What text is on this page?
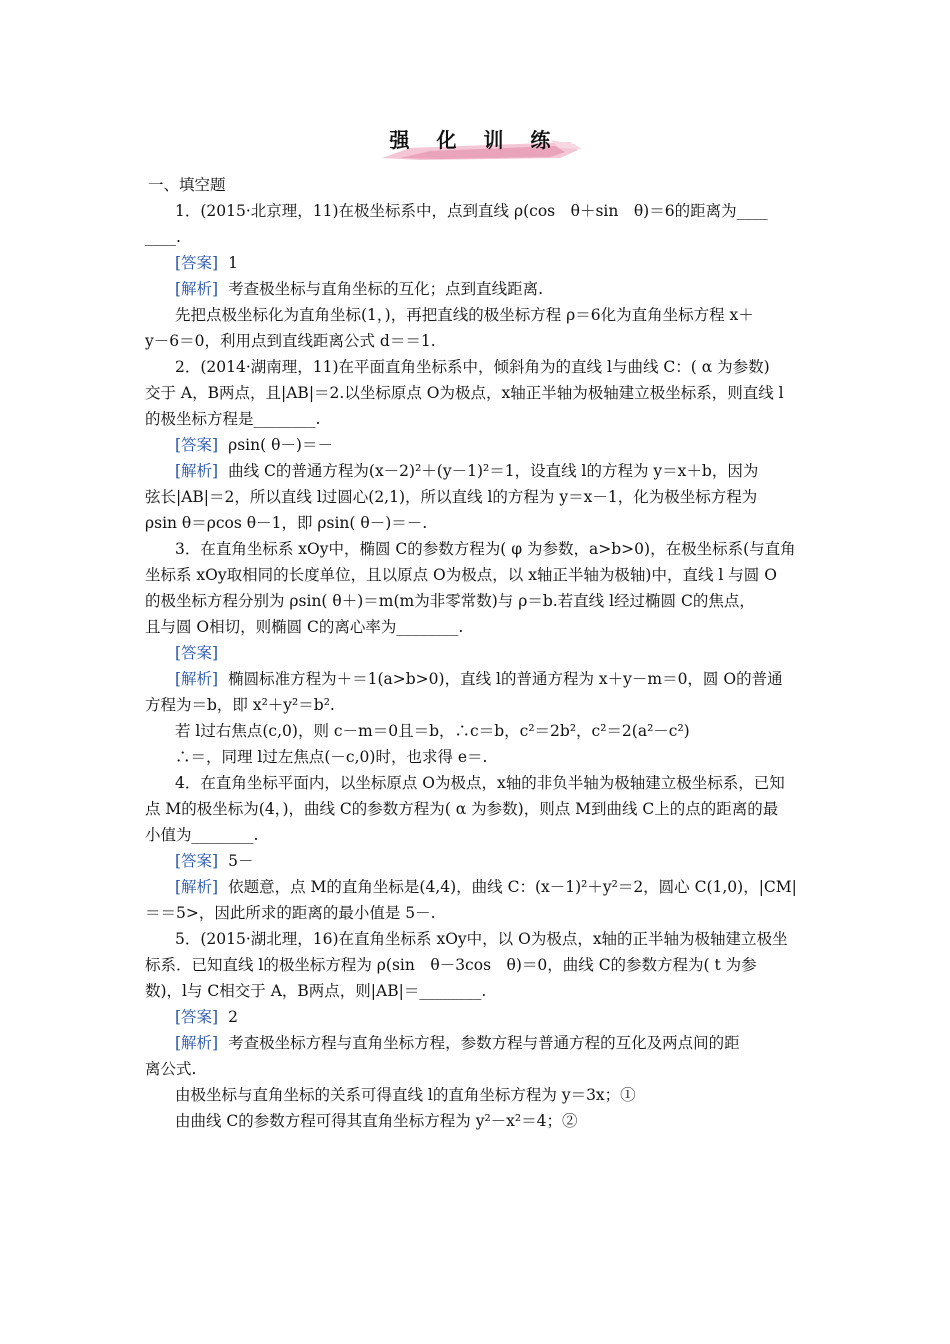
强 化 训 练
一、填空题
1．(2015·北京理，11)在极坐标系中，点到直线 ρ(cos　θ＋sin　θ)＝6的距离为____
____.
[答案] 1
[解析] 考查极坐标与直角坐标的互化；点到直线距离.
先把点极坐标化为直角坐标(1，)，再把直线的极坐标方程 ρ＝6化为直角坐标方程 x＋
y－6＝0，利用点到直线距离公式 d＝＝1.
2．(2014·湖南理，11)在平面直角坐标系中，倾斜角为的直线 l与曲线 C：( α 为参数)
交于 A，B两点，且|AB|＝2.以坐标原点 O为极点，x轴正半轴为极轴建立极坐标系，则直线 l
的极坐标方程是________.
[答案] ρsin( θ－)＝－
[解析] 曲线 C的普通方程为(x－2)²＋(y－1)²＝1，设直线 l的方程为 y＝x＋b，因为
弦长|AB|＝2，所以直线 l过圆心(2,1)，所以直线 l的方程为 y＝x－1，化为极坐标方程为
ρsin θ＝ρcos θ－1，即 ρsin( θ－)＝－.
3．在直角坐标系 xOy中，椭圆 C的参数方程为( φ 为参数，a>b>0)，在极坐标系(与直角
坐标系 xOy取相同的长度单位，且以原点 O为极点，以 x轴正半轴为极轴)中，直线 l 与圆 O
的极坐标方程分别为 ρsin( θ＋)＝m(m为非零常数)与 ρ＝b.若直线 l经过椭圆 C的焦点，
且与圆 O相切，则椭圆 C的离心率为________.
[答案]
[解析] 椭圆标准方程为＋＝1(a>b>0)，直线 l的普通方程为 x＋y－m＝0，圆 O的普通
方程为＝b，即 x²＋y²＝b².
若 l过右焦点(c,0)，则 c－m＝0且＝b，∴c＝b，c²＝2b²，c²＝2(a²－c²)
∴＝，同理 l过左焦点(－c,0)时，也求得 e＝.
4．在直角坐标平面内，以坐标原点 O为极点，x轴的非负半轴为极轴建立极坐标系，已知
点 M的极坐标为(4，)，曲线 C的参数方程为( α 为参数)，则点 M到曲线 C上的点的距离的最
小值为________.
[答案] 5－
[解析] 依题意，点 M的直角坐标是(4,4)，曲线 C：(x－1)²＋y²＝2，圆心 C(1,0)，|CM|
＝＝5>，因此所求的距离的最小值是 5－.
5．(2015·湖北理，16)在直角坐标系 xOy中，以 O为极点，x轴的正半轴为极轴建立极坐
标系．已知直线 l的极坐标方程为 ρ(sin　θ－3cos　θ)＝0，曲线 C的参数方程为( t 为参
数)，l与 C相交于 A，B两点，则|AB|＝________.
[答案] 2
[解析] 考查极坐标方程与直角坐标方程，参数方程与普通方程的互化及两点间的距
离公式.
由极坐标与直角坐标的关系可得直线 l的直角坐标方程为 y＝3x；①
由曲线 C的参数方程可得其直角坐标方程为 y²－x²＝4；②
